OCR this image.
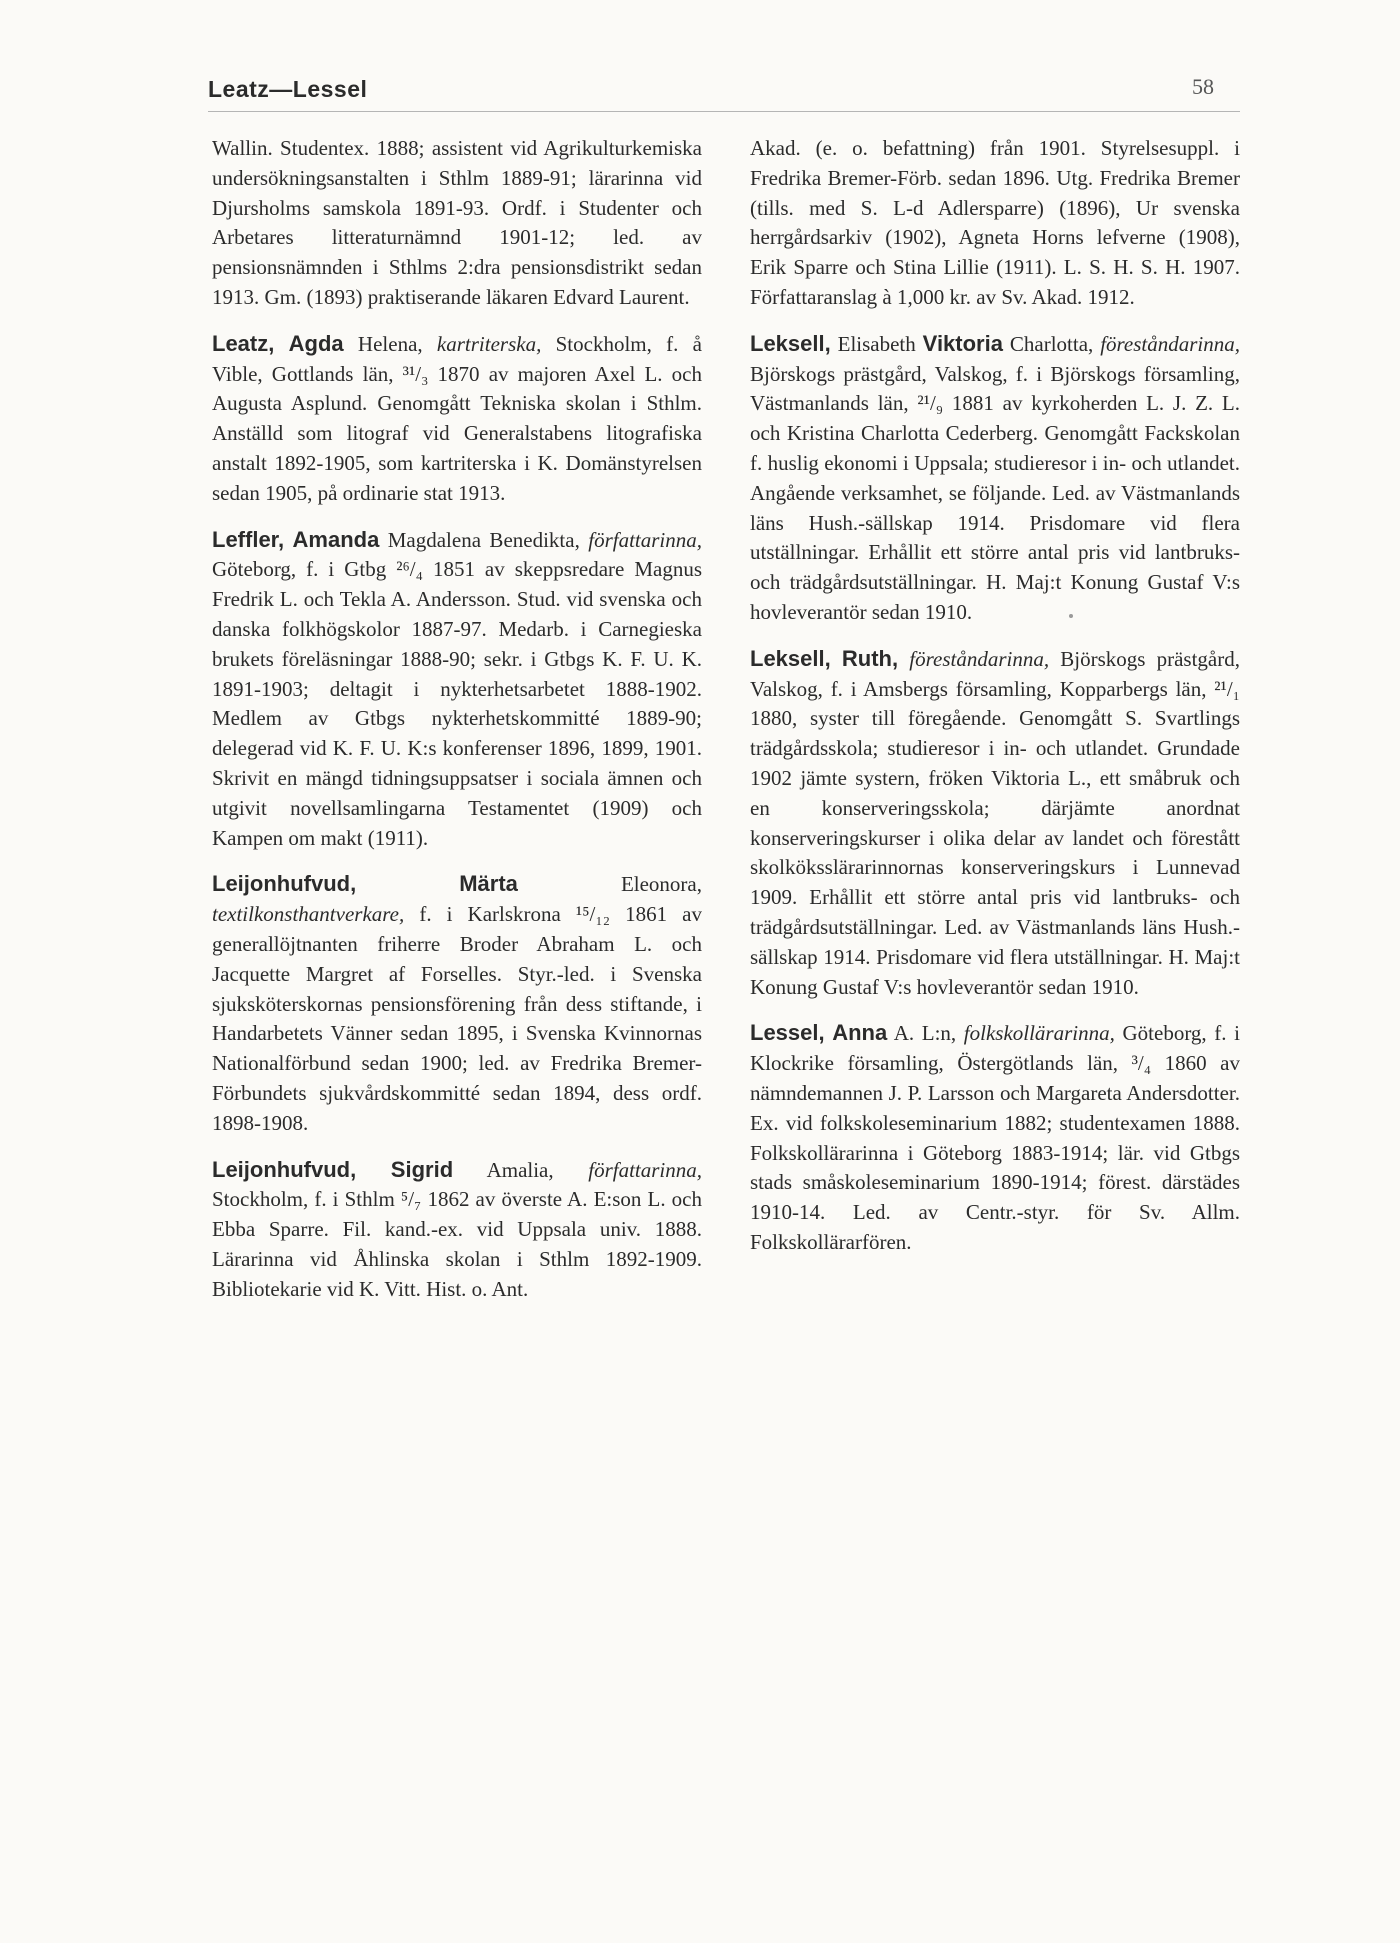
Leatz—Lessel	58

Wallin. Studentex. 1888; assistent vid Agrikulturkemiska undersökningsanstalten i Sthlm 1889-91; lärarinna vid Djursholms samskola 1891-93. Ordf. i Studenter och Arbetares litteraturnämnd 1901-12; led. av pensionsnämnden i Sthlms 2:dra pensionsdistrikt sedan 1913. Gm. (1893) praktiserande läkaren Edvard Laurent.

Leatz, Agda Helena, kartriterska, Stockholm, f. å Vible, Gottlands län, ³¹/₃ 1870 av majoren Axel L. och Augusta Asplund. Genomgått Tekniska skolan i Sthlm. Anställd som litograf vid Generalstabens litografiska anstalt 1892-1905, som kartriterska i K. Domänstyrelsen sedan 1905, på ordinarie stat 1913.

Leffler, Amanda Magdalena Benedikta, författarinna, Göteborg, f. i Gtbg ²⁶/₄ 1851 av skeppsredare Magnus Fredrik L. och Tekla A. Andersson. Stud. vid svenska och danska folkhögskolor 1887-97. Medarb. i Carnegieska brukets föreläsningar 1888-90; sekr. i Gtbgs K. F. U. K. 1891-1903; deltagit i nykterhetsarbetet 1888-1902. Medlem av Gtbgs nykterhetskommitté 1889-90; delegerad vid K. F. U. K:s konferenser 1896, 1899, 1901. Skrivit en mängd tidningsuppsatser i sociala ämnen och utgivit novellsamlingarna Testamentet (1909) och Kampen om makt (1911).

Leijonhufvud,	Märta Eleonora, textilkonsthantverkare, f. i Karlskrona ¹⁵/₁₂ 1861 av generallöjtnanten friherre Broder Abraham L. och Jacquette Margret af Forselles. Styr.-led. i Svenska sjuksköterskornas pensionsförening från dess stiftande, i Handarbetets Vänner sedan 1895, i Svenska Kvinnornas Nationalförbund sedan 1900; led. av Fredrika Bremer-Förbundets sjukvårdskommitté sedan 1894, dess ordf. 1898-1908.

Leijonhufvud, Sigrid Amalia, författarinna, Stockholm, f. i Sthlm ⁵/₇ 1862 av överste A. E:son L. och Ebba Sparre. Fil. kand.-ex. vid Uppsala univ. 1888. Lärarinna vid Åhlinska skolan i Sthlm 1892-1909. Bibliotekarie vid K. Vitt. Hist. o. Ant.

Akad. (e. o. befattning) från 1901. Styrelsesuppl. i Fredrika Bremer-Förb. sedan 1896. Utg. Fredrika Bremer (tills. med S. L-d Adlersparre) (1896), Ur svenska herrgårdsarkiv (1902), Agneta Horns lefverne (1908), Erik Sparre och Stina Lillie (1911). L. S. H. S. H. 1907. Författaranslag à 1,000 kr. av Sv. Akad. 1912.

Leksell, Elisabeth Viktoria Charlotta, föreståndarinna, Björskogs prästgård, Valskog, f. i Björskogs församling, Västmanlands län, ²¹/₉ 1881 av kyrkoherden L. J. Z. L. och Kristina Charlotta Cederberg. Genomgått Fackskolan f. huslig ekonomi i Uppsala; studieresor i in- och utlandet. Angående verksamhet, se följande. Led. av Västmanlands läns Hush.-sällskap 1914. Prisdomare vid flera utställningar. Erhållit ett större antal pris vid lantbruks- och trädgårdsutställningar. H. Maj:t Konung Gustaf V:s hovleverantör sedan 1910.

Leksell, Ruth, föreståndarinna, Björskogs prästgård, Valskog, f. i Amsbergs församling, Kopparbergs län, ²¹/₁ 1880, syster till föregående. Genomgått S. Svartlings trädgårdsskola; studieresor i in- och utlandet. Grundade 1902 jämte systern, fröken Viktoria L., ett småbruk och en konserveringsskola; därjämte anordnat konserveringskurser i olika delar av landet och förestått skolköksslärarinnornas konserveringskurs i Lunnevad 1909. Erhållit ett större antal pris vid lantbruks- och trädgårdsutställningar. Led. av Västmanlands läns Hush.-sällskap 1914. Prisdomare vid flera utställningar. H. Maj:t Konung Gustaf V:s hovleverantör sedan 1910.

Lessel, Anna A. L:n, folkskollärarinna, Göteborg, f. i Klockrike församling, Östergötlands län, ³/₄ 1860 av nämndemannen J. P. Larsson och Margareta Andersdotter. Ex. vid folkskoleseminarium 1882; studentexamen 1888. Folkskollärarinna i Göteborg 1883-1914; lär. vid Gtbgs stads småskoleseminarium 1890-1914; förest. därstädes 1910-14. Led. av Centr.-styr. för Sv. Allm. Folkskollärarfören.
